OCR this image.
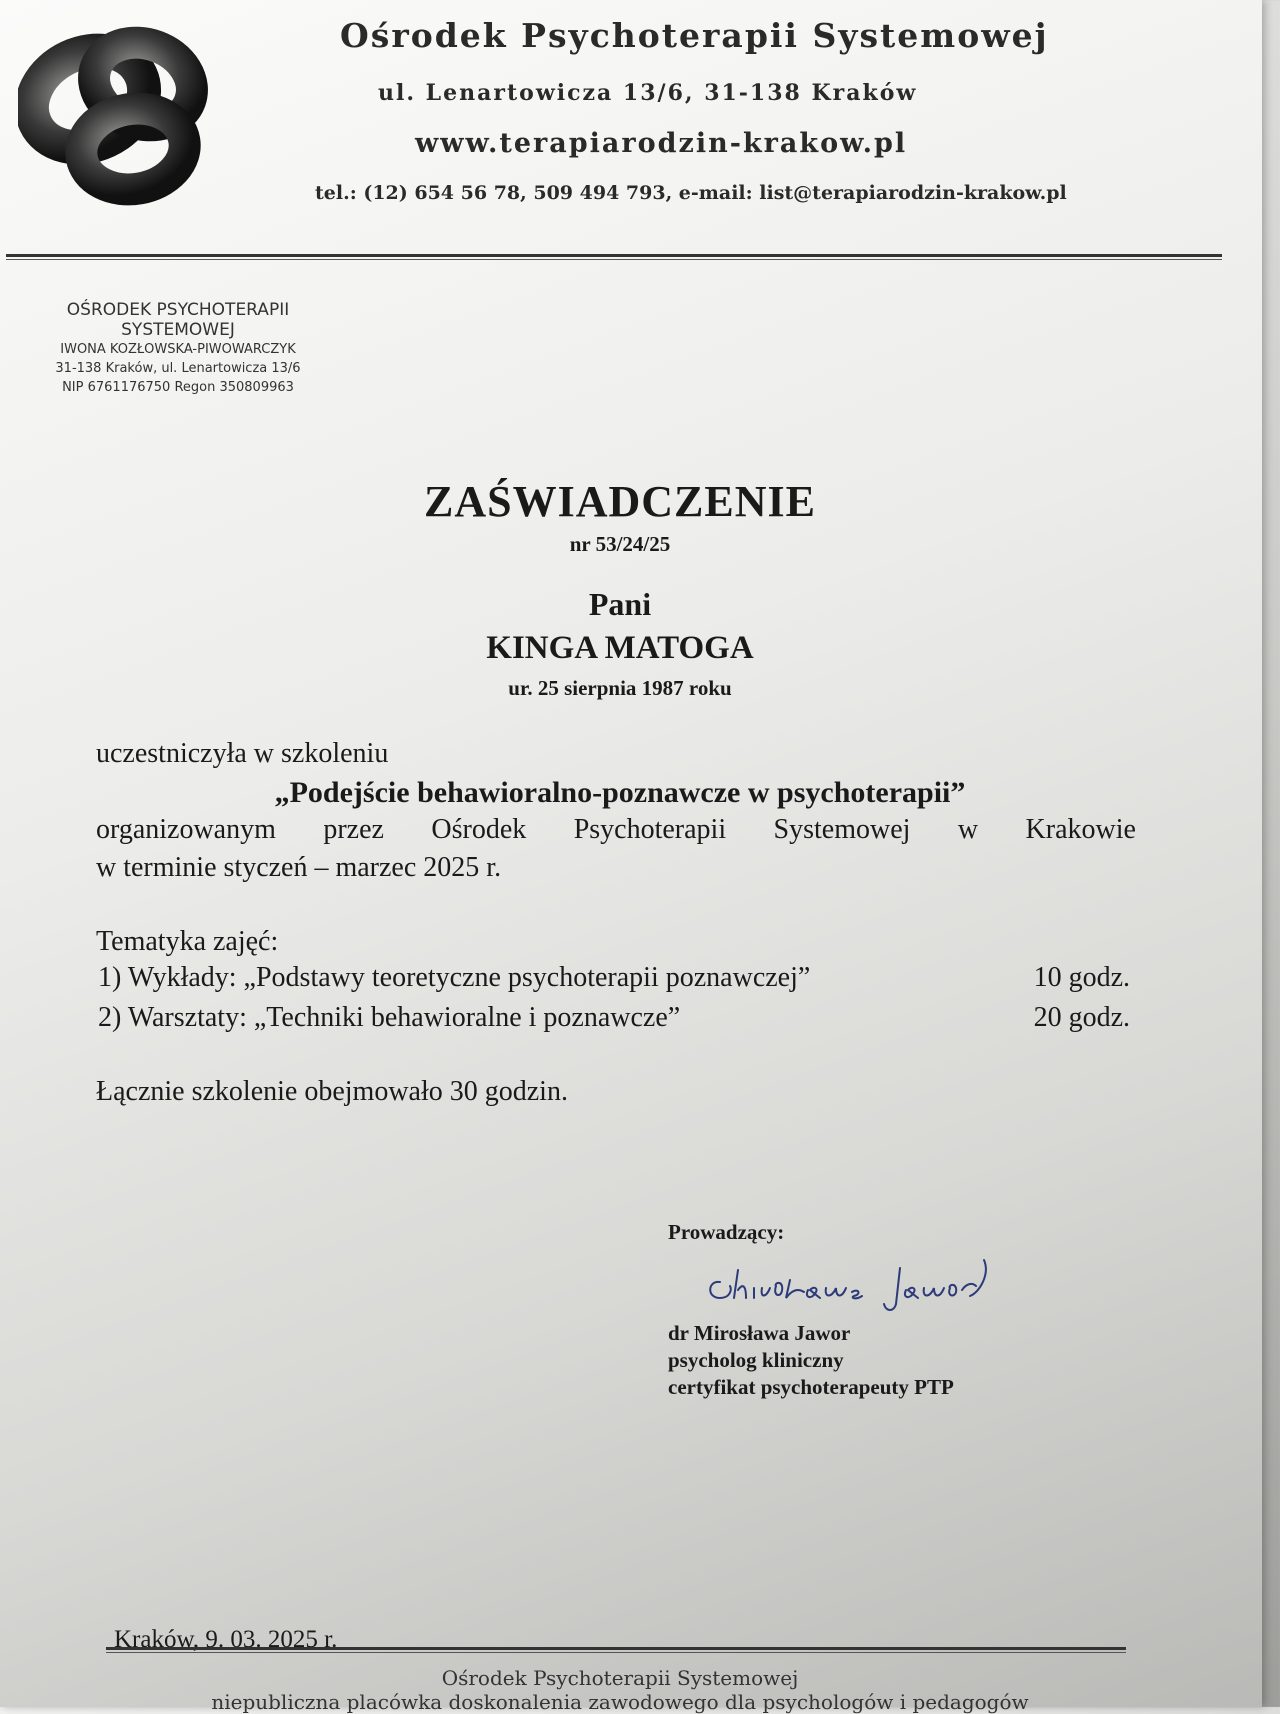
Ośrodek Psychoterapii Systemowej
ul. Lenartowicza 13/6, 31-138 Kraków
www.terapiarodzin-krakow.pl
tel.: (12) 654 56 78, 509 494 793, e-mail: list@terapiarodzin-krakow.pl
OŚRODEK PSYCHOTERAPII
SYSTEMOWEJ
IWONA KOZŁOWSKA-PIWOWARCZYK
31-138 Kraków, ul. Lenartowicza 13/6
NIP 6761176750 Regon 350809963
ZAŚWIADCZENIE
nr 53/24/25
Pani
KINGA MATOGA
ur. 25 sierpnia 1987 roku
uczestniczyła w szkoleniu
„Podejście behawioralno-poznawcze w psychoterapii”
organizowanym przez Ośrodek Psychoterapii Systemowej w Krakowie
w terminie styczeń – marzec 2025 r.
Tematyka zajęć:
1) Wykłady: „Podstawy teoretyczne psychoterapii poznawczej”	10 godz.
2) Warsztaty: „Techniki behawioralne i poznawcze”	20 godz.
Łącznie szkolenie obejmowało 30 godzin.
Prowadzący:
dr Mirosława Jawor
psycholog kliniczny
certyfikat psychoterapeuty PTP
Kraków, 9. 03. 2025 r.
Ośrodek Psychoterapii Systemowej
niepubliczna placówka doskonalenia zawodowego dla psychologów i pedagogów
